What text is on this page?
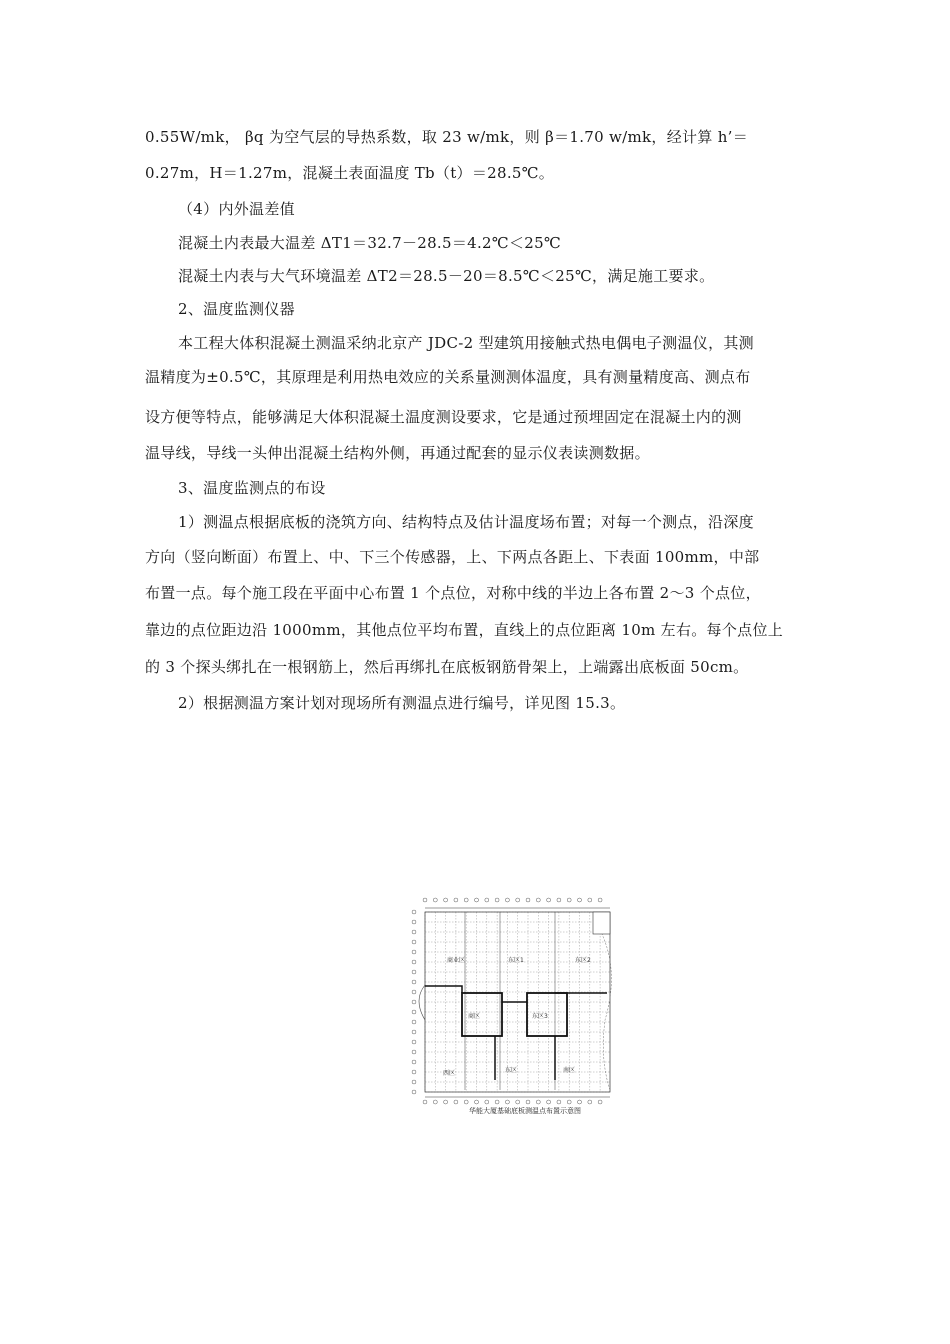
0.55W/mk， βq 为空气层的导热系数，取 23 w/mk，则 β＝1.70 w/mk，经计算 h’＝
0.27m，H＝1.27m，混凝土表面温度 Tb（t）＝28.5℃。
（4）内外温差值
混凝土内表最大温差 ΔT1＝32.7－28.5＝4.2℃＜25℃
混凝土内表与大气环境温差 ΔT2＝28.5－20＝8.5℃＜25℃，满足施工要求。
2、温度监测仪器
本工程大体积混凝土测温采纳北京产 JDC-2 型建筑用接触式热电偶电子测温仪，其测
温精度为±0.5℃，其原理是利用热电效应的关系量测测体温度，具有测量精度高、测点布
设方便等特点，能够满足大体积混凝土温度测设要求，它是通过预埋固定在混凝土内的测
温导线，导线一头伸出混凝土结构外侧，再通过配套的显示仪表读测数据。
3、温度监测点的布设
1）测温点根据底板的浇筑方向、结构特点及估计温度场布置；对每一个测点，沿深度
方向（竖向断面）布置上、中、下三个传感器，上、下两点各距上、下表面 100mm，中部
布置一点。每个施工段在平面中心布置 1 个点位，对称中线的半边上各布置 2～3 个点位，
靠边的点位距边沿 1000mm，其他点位平均布置，直线上的点位距离 10m 左右。每个点位上
的 3 个探头绑扎在一根钢筋上，然后再绑扎在底板钢筋骨架上，上端露出底板面 50cm。
2）根据测温方案计划对现场所有测温点进行编号，详见图 15.3。
商业区	东区1	东区2
商区	东区3
西区	东区	南区
华能大厦基础底板测温点布置示意图
